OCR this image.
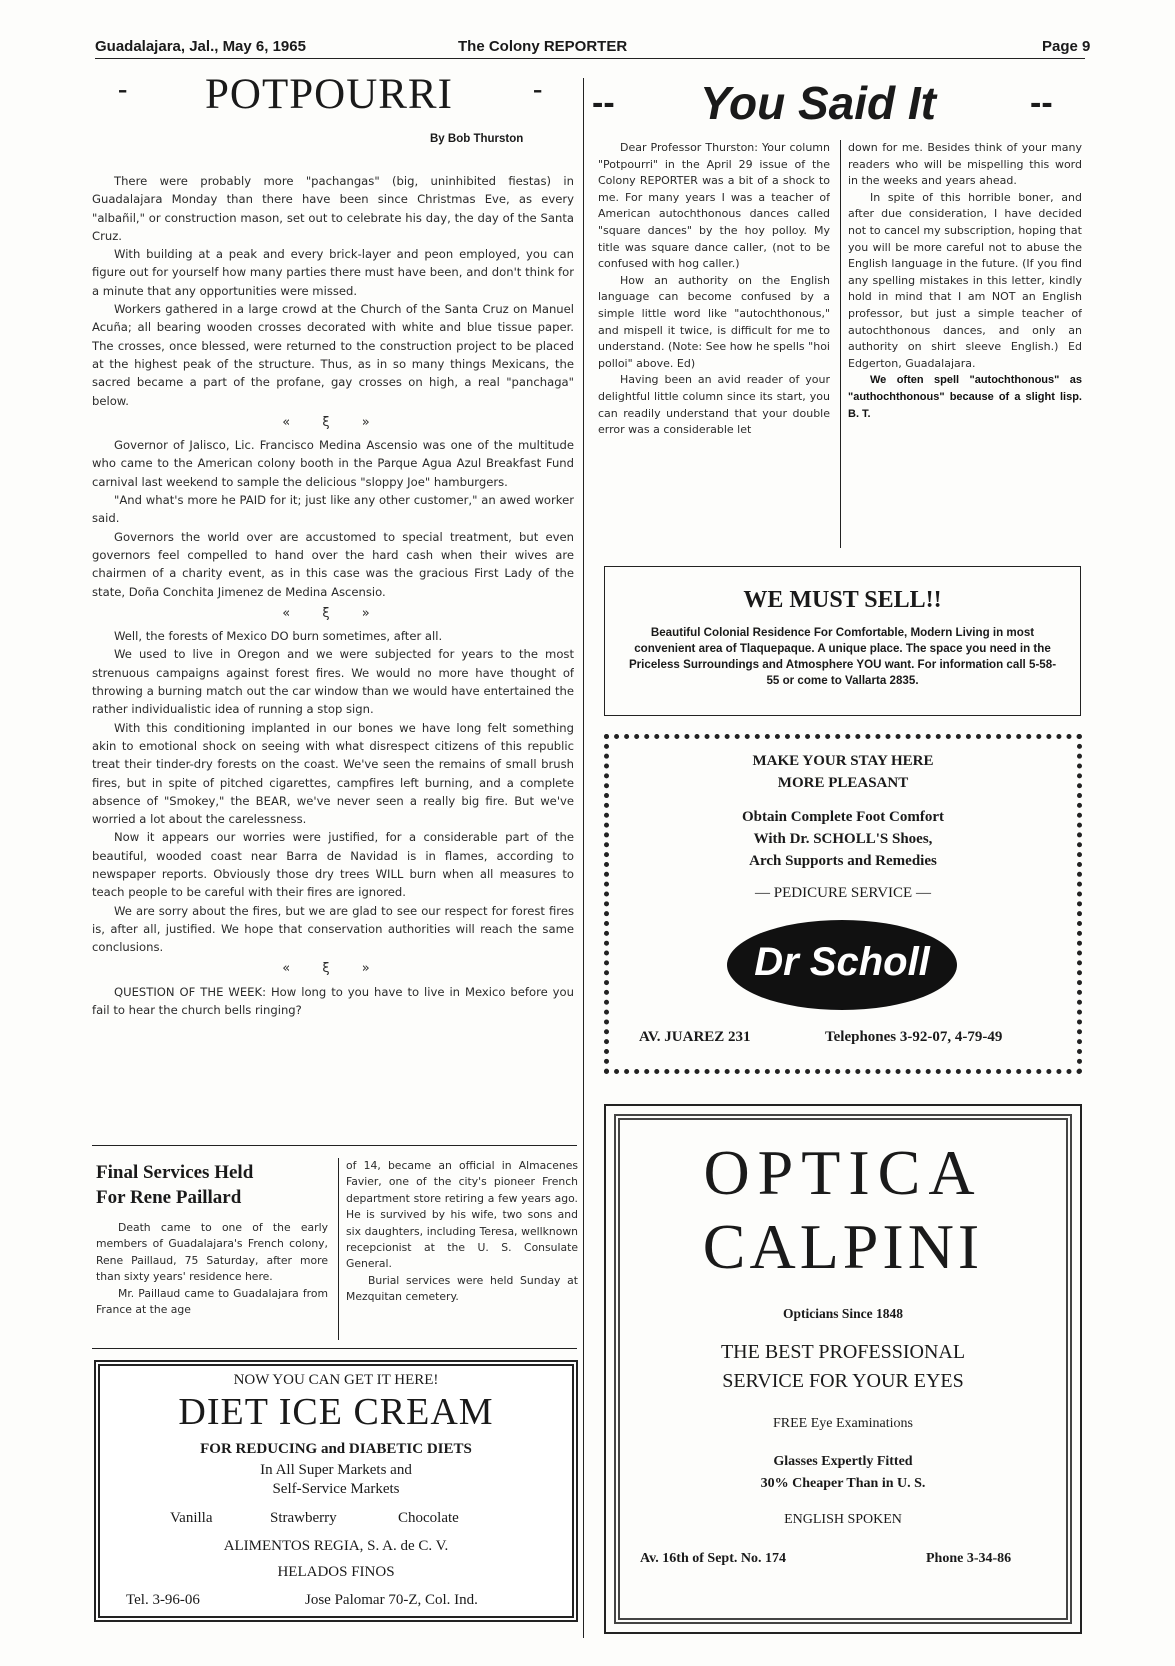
Guadalajara, Jal., May 6, 1965	The Colony REPORTER	Page 9
- POTPOURRI	-
By Bob Thurston

There were probably more "pachangas" (big, uninhibited fiestas) in Guadalajara Monday than there have been since Christmas Eve, as every "albañil," or construction mason, set out to celebrate his day, the day of the Santa Cruz.

With building at a peak and every brick-layer and peon employed, you can figure out for yourself how many parties there must have been, and don't think for a minute that any opportunities were missed.

Workers gathered in a large crowd at the Church of the Santa Cruz on Manuel Acuña; all bearing wooden crosses decorated with white and blue tissue paper. The crosses, once blessed, were returned to the construction project to be placed at the highest peak of the structure. Thus, as in so many things Mexicans, the sacred became a part of the profane, gay crosses on high, a real "panchaga" below.

« ξ »

Governor of Jalisco, Lic. Francisco Medina Ascensio was one of the multitude who came to the American colony booth in the Parque Agua Azul Breakfast Fund carnival last weekend to sample the delicious "sloppy Joe" hamburgers.

"And what's more he PAID for it; just like any other customer," an awed worker said.

Governors the world over are accustomed to special treatment, but even governors feel compelled to hand over the hard cash when their wives are chairmen of a charity event, as in this case was the gracious First Lady of the state, Doña Conchita Jimenez de Medina Ascensio.

« ξ »

Well, the forests of Mexico DO burn sometimes, after all.

We used to live in Oregon and we were subjected for years to the most strenuous campaigns against forest fires. We would no more have thought of throwing a burning match out the car window than we would have entertained the rather individualistic idea of running a stop sign.

With this conditioning implanted in our bones we have long felt something akin to emotional shock on seeing with what disrespect citizens of this republic treat their tinder-dry forests on the coast. We've seen the remains of small brush fires, but in spite of pitched cigarettes, campfires left burning, and a complete absence of "Smokey," the BEAR, we've never seen a really big fire. But we've worried a lot about the carelessness.

Now it appears our worries were justified, for a considerable part of the beautiful, wooded coast near Barra de Navidad is in flames, according to newspaper reports. Obviously those dry trees WILL burn when all measures to teach people to be careful with their fires are ignored.

We are sorry about the fires, but we are glad to see our respect for forest fires is, after all, justified. We hope that conservation authorities will reach the same conclusions.

« ξ »

QUESTION OF THE WEEK: How long to you have to live in Mexico before you fail to hear the church bells ringing?

Final Services Held
For Rene Paillard

Death came to one of the early members of Guadalajara's French colony, Rene Paillaud, 75 Saturday, after more than sixty years' residence here.

Mr. Paillaud came to Guadalajara from France at the age

of 14, became an official in Almacenes Favier, one of the city's pioneer French department store retiring a few years ago. He is survived by his wife, two sons and six daughters, including Teresa, wellknown recepcionist at the U. S. Consulate General.

Burial services were held Sunday at Mezquitan cemetery.

NOW YOU CAN GET IT HERE!
DIET ICE CREAM
FOR REDUCING and DIABETIC DIETS
In All Super Markets and
Self-Service Markets
Vanilla	Strawberry	Chocolate
ALIMENTOS REGIA, S. A. de C. V.
HELADOS FINOS
Tel. 3-96-06	Jose Palomar 70-Z, Col. Ind.
-- You Said It	--

Dear Professor Thurston: Your column "Potpourri" in the April 29 issue of the Colony REPORTER was a bit of a shock to me. For many years I was a teacher of American autochthonous dances called "square dances" by the hoy polloy. My title was square dance caller, (not to be confused with hog caller.)

How an authority on the English language can become confused by a simple little word like "autochthonous," and mispell it twice, is difficult for me to understand. (Note: See how he spells "hoi polloi" above. Ed)

Having been an avid reader of your delightful little column since its start, you can readily understand that your double error was a considerable let

down for me. Besides think of your many readers who will be mispelling this word in the weeks and years ahead.

In spite of this horrible boner, and after due consideration, I have decided not to cancel my subscription, hoping that you will be more careful not to abuse the English language in the future. (If you find any spelling mistakes in this letter, kindly hold in mind that I am NOT an English professor, but just a simple teacher of autochthonous dances, and only an authority on shirt sleeve English.) Ed Edgerton, Guadalajara.

We often spell "autochthonous" as "authochthonous" because of a slight lisp. B. T.

WE MUST SELL!!
Beautiful Colonial Residence For Comfortable, Modern Living in most convenient area of Tlaquepaque. A unique place. The space you need in the Priceless Surroundings and Atmosphere YOU want. For information call 5-58-55 or come to Vallarta 2835.
MAKE YOUR STAY HERE
MORE PLEASANT
Obtain Complete Foot Comfort
With Dr. SCHOLL'S Shoes,
Arch Supports and Remedies
— PEDICURE SERVICE —
Dr Scholl
AV. JUAREZ 231	Telephones 3-92-07, 4-79-49
OPTICA
CALPINI
Opticians Since 1848
THE BEST PROFESSIONAL
SERVICE FOR YOUR EYES
FREE Eye Examinations
Glasses Expertly Fitted
30% Cheaper Than in U. S.
ENGLISH SPOKEN
Av. 16th of Sept. No. 174	Phone 3-34-86
